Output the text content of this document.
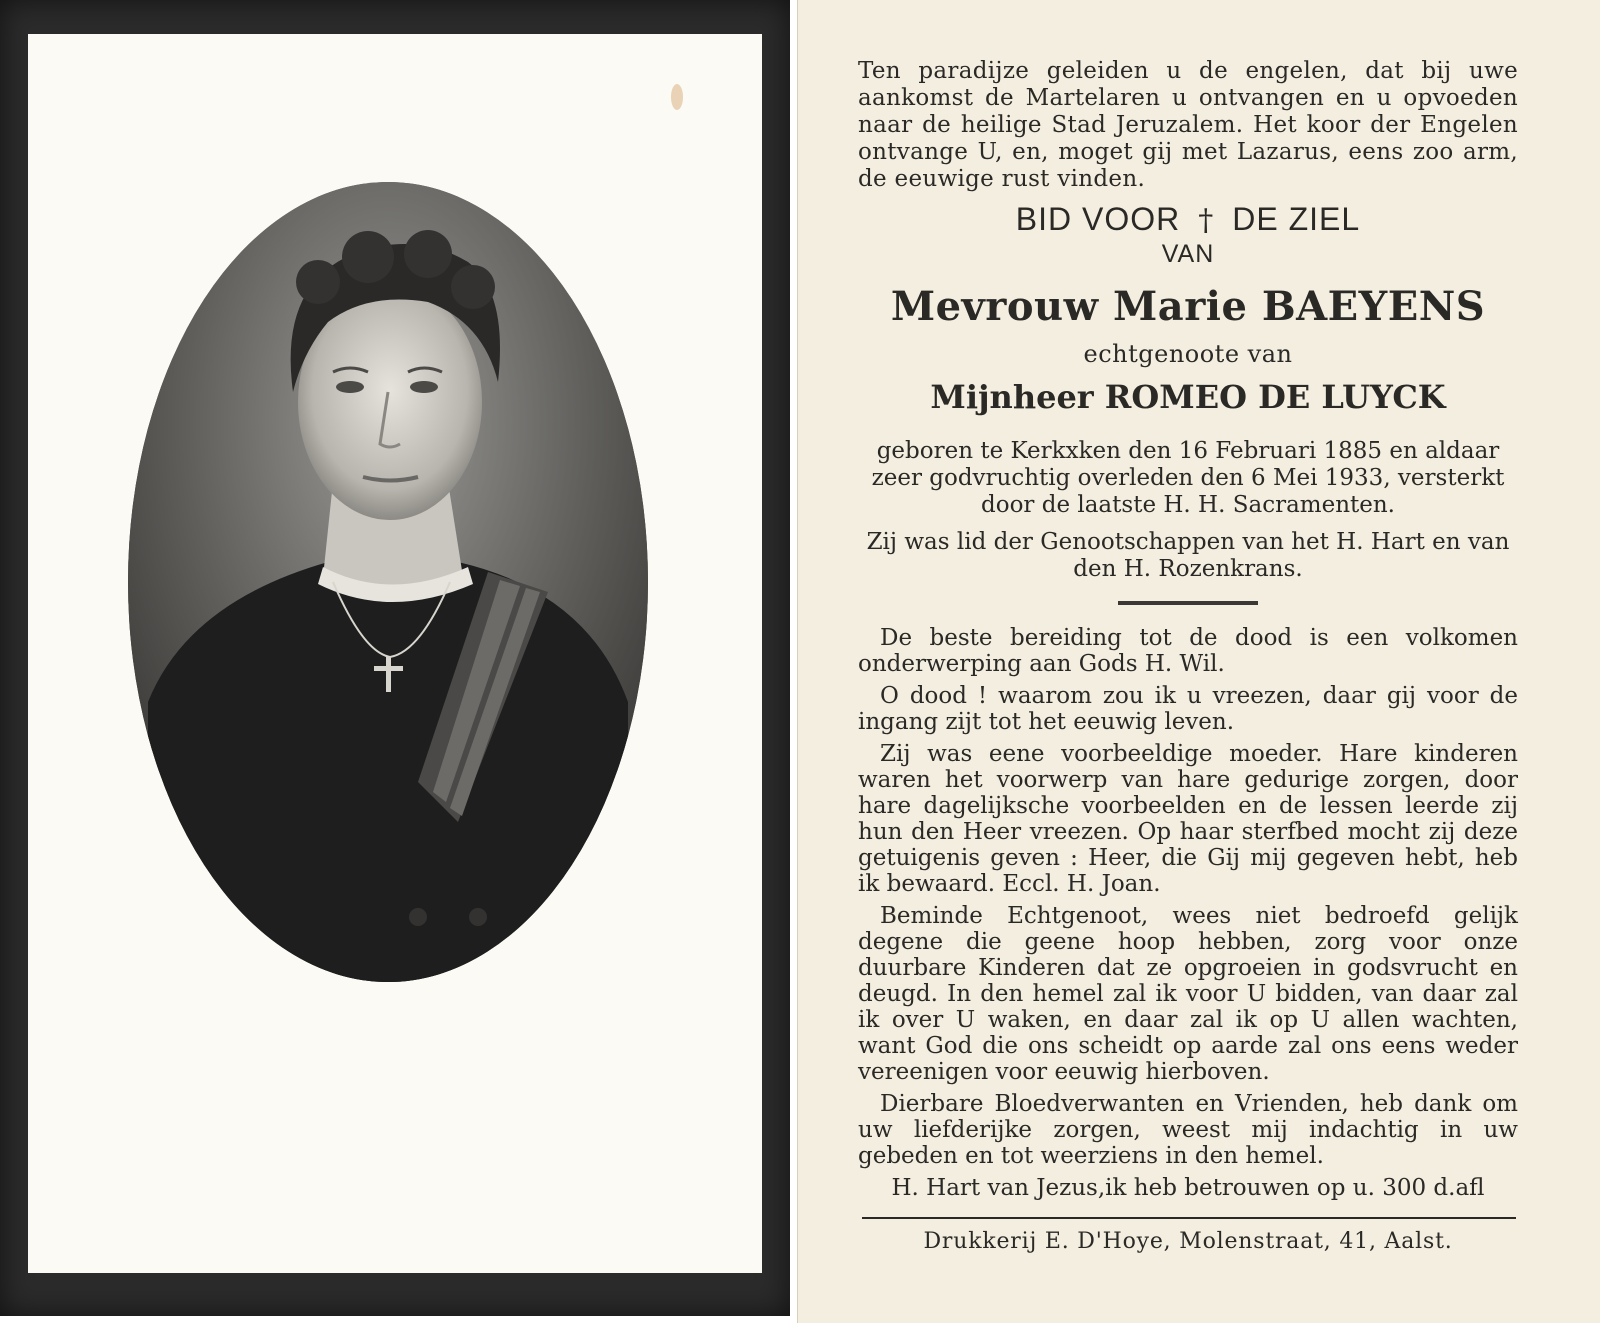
Ten paradijze geleiden u de engelen, dat bij uwe aankomst de Martelaren u ontvangen en u opvoeden naar de heilige Stad Jeruzalem. Het koor der Engelen ontvange U, en, moget gij met Lazarus, eens zoo arm, de eeuwige rust vinden.

BID VOOR † DE ZIEL

VAN

Mevrouw Marie BAEYENS

echtgenoote van

Mijnheer ROMEO DE LUYCK

geboren te Kerkxken den 16 Februari 1885 en aldaar zeer godvruchtig overleden den 6 Mei 1933, versterkt door de laatste H. H. Sacramenten.

Zij was lid der Genootschappen van het H. Hart en van den H. Rozenkrans.

De beste bereiding tot de dood is een volkomen onderwerping aan Gods H. Wil.

O dood ! waarom zou ik u vreezen, daar gij voor de ingang zijt tot het eeuwig leven.

Zij was eene voorbeeldige moeder. Hare kinderen waren het voorwerp van hare gedurige zorgen, door hare dagelijksche voorbeelden en de lessen leerde zij hun den Heer vreezen. Op haar sterfbed mocht zij deze getuigenis geven : Heer, die Gij mij gegeven hebt, heb ik bewaard. Eccl. H. Joan.

Beminde Echtgenoot, wees niet bedroefd gelijk degene die geene hoop hebben, zorg voor onze duurbare Kinderen dat ze opgroeien in godsvrucht en deugd. In den hemel zal ik voor U bidden, van daar zal ik over U waken, en daar zal ik op U allen wachten, want God die ons scheidt op aarde zal ons eens weder vereenigen voor eeuwig hierboven.

Dierbare Bloedverwanten en Vrienden, heb dank om uw liefderijke zorgen, weest mij indachtig in uw gebeden en tot weerziens in den hemel.

H. Hart van Jezus,ik heb betrouwen op u. 300 d.afl

Drukkerij E. D'Hoye, Molenstraat, 41, Aalst.
